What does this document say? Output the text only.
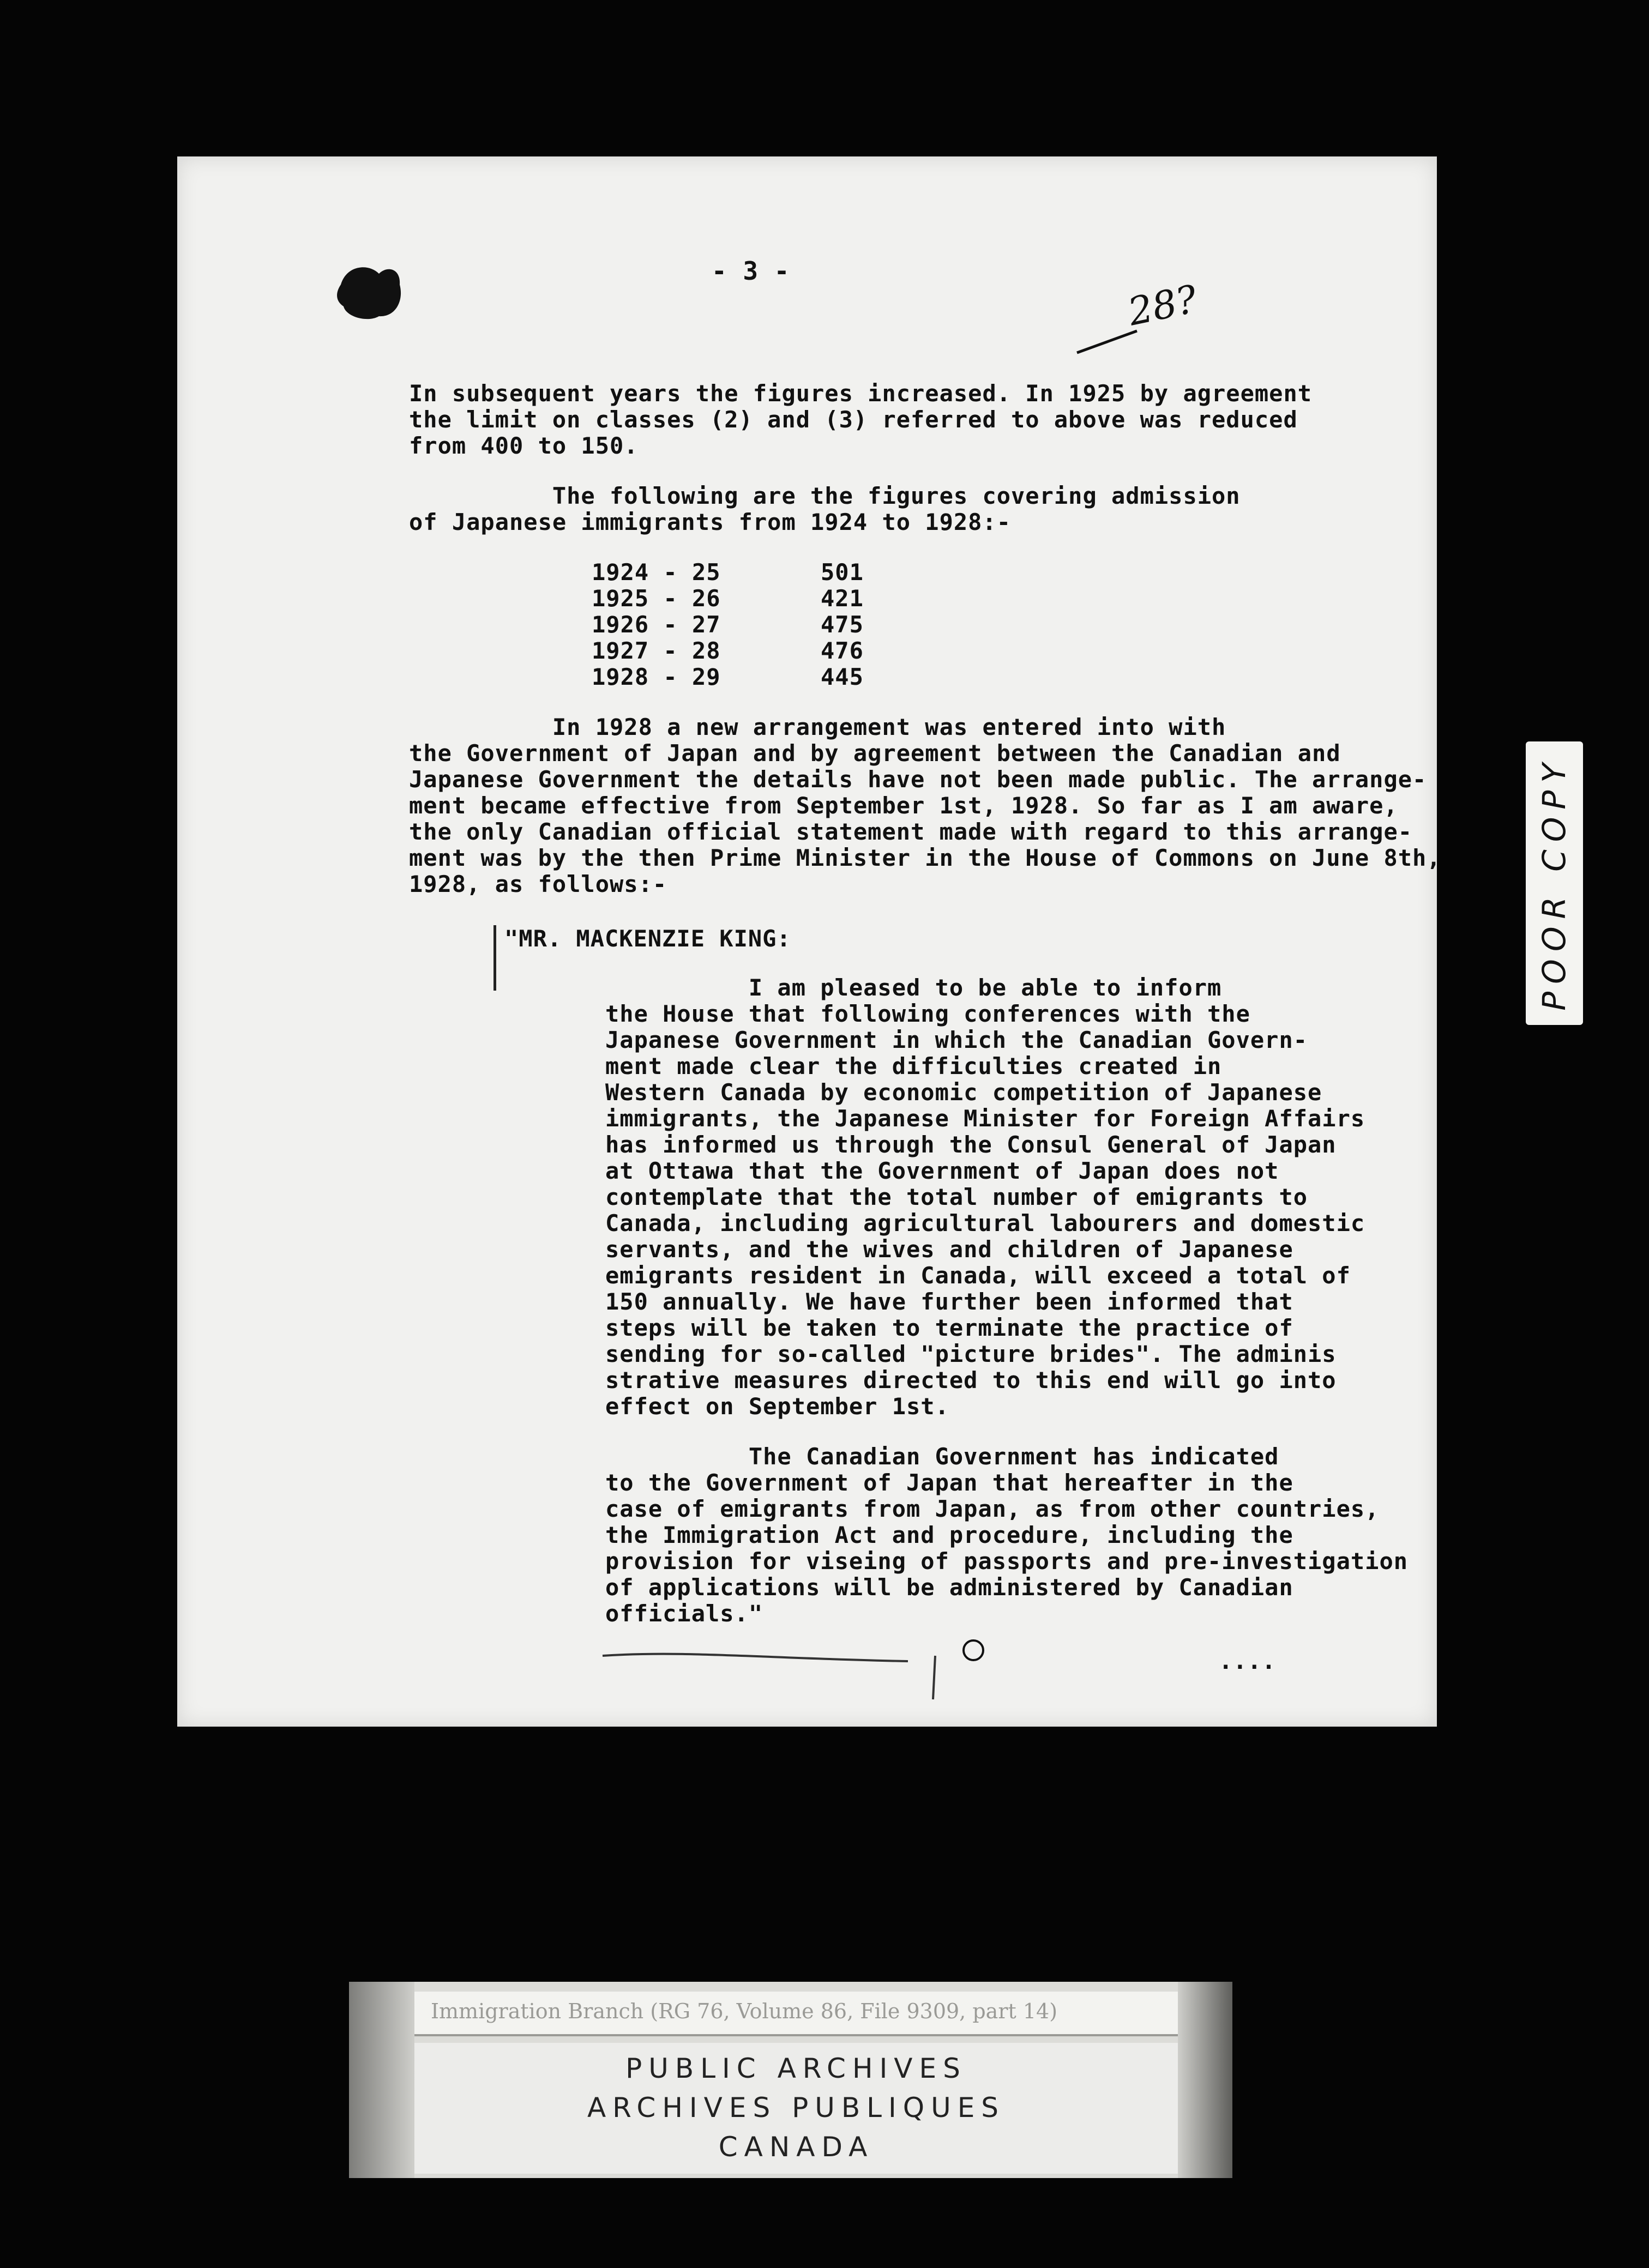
- 3 -
28?
In subsequent years the figures increased. In 1925 by agreement
the limit on classes (2) and (3) referred to above was reduced
from 400 to 150.
The following are the figures covering admission
of Japanese immigrants from 1924 to 1928:-
1924 - 25	501
1925 - 26	421
1926 - 27	475
1927 - 28	476
1928 - 29	445
In 1928 a new arrangement was entered into with
the Government of Japan and by agreement between the Canadian and
Japanese Government the details have not been made public. The arrange-
ment became effective from September 1st, 1928. So far as I am aware,
the only Canadian official statement made with regard to this arrange-
ment was by the then Prime Minister in the House of Commons on June 8th,
1928, as follows:-
"MR. MACKENZIE KING:
I am pleased to be able to inform
the House that following conferences with the
Japanese Government in which the Canadian Govern-
ment made clear the difficulties created in
Western Canada by economic competition of Japanese
immigrants, the Japanese Minister for Foreign Affairs
has informed us through the Consul General of Japan
at Ottawa that the Government of Japan does not
contemplate that the total number of emigrants to
Canada, including agricultural labourers and domestic
servants, and the wives and children of Japanese
emigrants resident in Canada, will exceed a total of
150 annually. We have further been informed that
steps will be taken to terminate the practice of
sending for so-called "picture brides". The adminis
strative measures directed to this end will go into
effect on September 1st.
The Canadian Government has indicated
to the Government of Japan that hereafter in the
case of emigrants from Japan, as from other countries,
the Immigration Act and procedure, including the
provision for viseing of passports and pre-investigation
of applications will be administered by Canadian
officials."
....
POOR COPY
Immigration Branch (RG 76, Volume 86, File 9309, part 14)
PUBLIC ARCHIVES
ARCHIVES PUBLIQUES
CANADA
